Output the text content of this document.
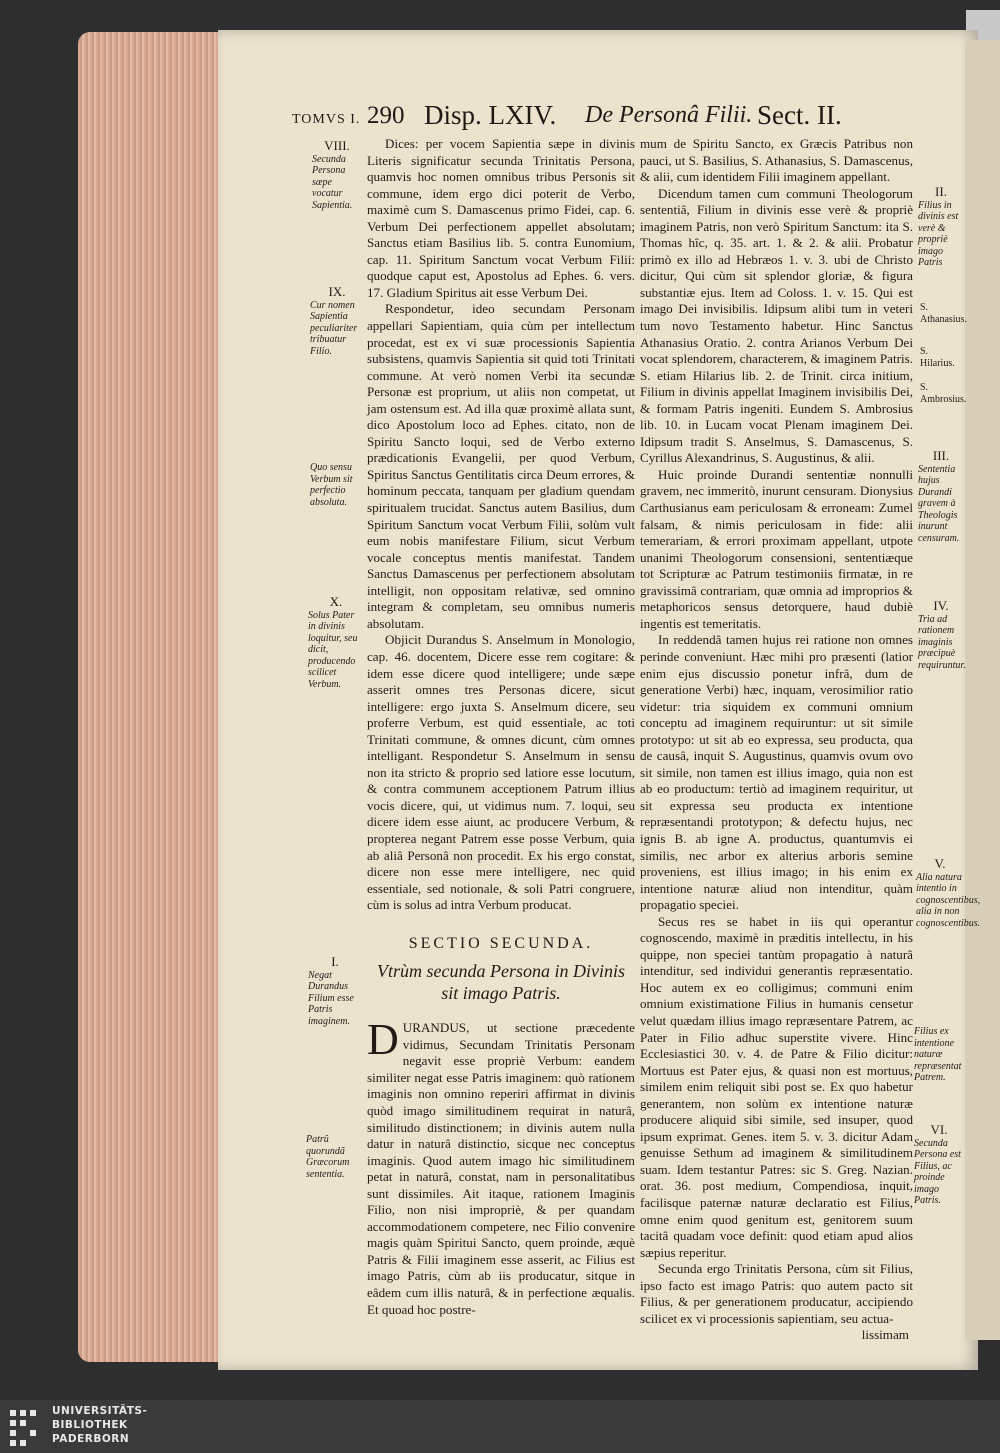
TOMVS I. 290 Disp. LXIV. De Personâ Filii. Sect. II.
VIII.
Secunda Persona sæpe vocatur Sapientia.
IX.
Cur nomen Sapientia peculiariter tribuatur Filio.
Quo sensu Verbum sit perfectio absoluta.
X.
Solus Pater in divinis loquitur, seu dicit, producendo scilicet Verbum.
I.
Negat Durandus Filium esse Patris imaginem.
Patrû quorundã Græcorum sententia.

Dices: per vocem Sapientia sæpe in divinis Literis significatur secunda Trinitatis Persona, quamvis hoc nomen omnibus tribus Personis sit commune, idem ergo dici poterit de Verbo, maximè cum S. Damascenus primo Fidei, cap. 6. Verbum Dei perfectionem appellet absolutam; Sanctus etiam Basilius lib. 5. contra Eunomium, cap. 11. Spiritum Sanctum vocat Verbum Filii: quodque caput est, Apostolus ad Ephes. 6. vers. 17. Gladium Spiritus ait esse Verbum Dei.

Respondetur, ideo secundam Personam appellari Sapientiam, quia cùm per intellectum procedat, est ex vi suæ processionis Sapientia subsistens, quamvis Sapientia sit quid toti Trinitati commune. At verò nomen Verbi ita secundæ Personæ est proprium, ut aliis non competat, ut jam ostensum est. Ad illa quæ proximè allata sunt, dico Apostolum loco ad Ephes. citato, non de Spiritu Sancto loqui, sed de Verbo externo prædicationis Evangelii, per quod Verbum, Spiritus Sanctus Gentilitatis circa Deum errores, & hominum peccata, tanquam per gladium quendam spiritualem trucidat. Sanctus autem Basilius, dum Spiritum Sanctum vocat Verbum Filii, solùm vult eum nobis manifestare Filium, sicut Verbum vocale conceptus mentis manifestat. Tandem Sanctus Damascenus per perfectionem absolutam intelligit, non oppositam relativæ, sed omnino integram & completam, seu omnibus numeris absolutam.

Objicit Durandus S. Anselmum in Monologio, cap. 46. docentem, Dicere esse rem cogitare: & idem esse dicere quod intelligere; unde sæpe asserit omnes tres Personas dicere, sicut intelligere: ergo juxta S. Anselmum dicere, seu proferre Verbum, est quid essentiale, ac toti Trinitati commune, & omnes dicunt, cùm omnes intelligant. Respondetur S. Anselmum in sensu non ita stricto & proprio sed latiore esse locutum, & contra communem acceptionem Patrum illius vocis dicere, qui, ut vidimus num. 7. loqui, seu dicere idem esse aiunt, ac producere Verbum, & propterea negant Patrem esse posse Verbum, quia ab aliâ Personâ non procedit. Ex his ergo constat, dicere non esse mere intelligere, nec quid essentiale, sed notionale, & soli Patri congruere, cùm is solus ad intra Verbum producat.

SECTIO SECUNDA.
Vtrùm secunda Persona in Divinis sit imago Patris.

DURANDUS, ut sectione præcedente vidimus, Secundam Trinitatis Personam negavit esse propriè Verbum: eandem similiter negat esse Patris imaginem: quò rationem imaginis non omnino reperiri affirmat in divinis quòd imago similitudinem requirat in naturâ, similitudo distinctionem; in divinis autem nulla datur in naturâ distinctio, sicque nec conceptus imaginis. Quod autem imago hic similitudinem petat in naturâ, constat, nam in personalitatibus sunt dissimiles. Ait itaque, rationem Imaginis Filio, non nisi impropriè, & per quandam accommodationem competere, nec Filio convenire magis quàm Spiritui Sancto, quem proinde, æquè Patris & Filii imaginem esse asserit, ac Filius est imago Patris, cùm ab iis producatur, sitque in eâdem cum illis naturâ, & in perfectione æqualis. Et quoad hoc postre-

mum de Spiritu Sancto, ex Græcis Patribus non pauci, ut S. Basilius, S. Athanasius, S. Damascenus, & alii, cum identidem Filii imaginem appellant.

Dicendum tamen cum communi Theologorum sententiâ, Filium in divinis esse verè & propriè imaginem Patris, non verò Spiritum Sanctum: ita S. Thomas hîc, q. 35. art. 1. & 2. & alii. Probatur primò ex illo ad Hebræos 1. v. 3. ubi de Christo dicitur, Qui cùm sit splendor gloriæ, & figura substantiæ ejus. Item ad Coloss. 1. v. 15. Qui est imago Dei invisibilis. Idipsum alibi tum in veteri tum novo Testamento habetur. Hinc Sanctus Athanasius Oratio. 2. contra Arianos Verbum Dei vocat splendorem, characterem, & imaginem Patris. S. etiam Hilarius lib. 2. de Trinit. circa initium, Filium in divinis appellat Imaginem invisibilis Dei, & formam Patris ingeniti. Eundem S. Ambrosius lib. 10. in Lucam vocat Plenam imaginem Dei. Idipsum tradit S. Anselmus, S. Damascenus, S. Cyrillus Alexandrinus, S. Augustinus, & alii.

Huic proinde Durandi sententiæ nonnulli gravem, nec immeritò, inurunt censuram. Dionysius Carthusianus eam periculosam & erroneam: Zumel falsam, & nimis periculosam in fide: alii temerariam, & errori proximam appellant, utpote unanimi Theologorum consensioni, sententiæque tot Scripturæ ac Patrum testimoniis firmatæ, in re gravissimâ contrariam, quæ omnia ad improprios & metaphoricos sensus detorquere, haud dubiè ingentis est temeritatis.

In reddendâ tamen hujus rei ratione non omnes perinde conveniunt. Hæc mihi pro præsenti (latior enim ejus discussio ponetur infrâ, dum de generatione Verbi) hæc, inquam, verosimilior ratio videtur: tria siquidem ex communi omnium conceptu ad imaginem requiruntur: ut sit simile prototypo: ut sit ab eo expressa, seu producta, qua de causâ, inquit S. Augustinus, quamvis ovum ovo sit simile, non tamen est illius imago, quia non est ab eo productum: tertiò ad imaginem requiritur, ut sit expressa seu producta ex intentione repræsentandi prototypon; & defectu hujus, nec ignis B. ab igne A. productus, quantumvis ei similis, nec arbor ex alterius arboris semine proveniens, est illius imago; in his enim ex intentione naturæ aliud non intenditur, quàm propagatio speciei.

Secus res se habet in iis qui operantur cognoscendo, maximè in præditis intellectu, in his quippe, non speciei tantùm propagatio à naturâ intenditur, sed individui generantis repræsentatio. Hoc autem ex eo colligimus; communi enim omnium existimatione Filius in humanis censetur velut quædam illius imago repræsentare Patrem, ac Pater in Filio adhuc superstite vivere. Hinc Ecclesiastici 30. v. 4. de Patre & Filio dicitur: Mortuus est Pater ejus, & quasi non est mortuus, similem enim reliquit sibi post se. Ex quo habetur generantem, non solùm ex intentione naturæ producere aliquid sibi simile, sed insuper, quod ipsum exprimat. Genes. item 5. v. 3. dicitur Adam genuisse Sethum ad imaginem & similitudinem suam. Idem testantur Patres: sic S. Greg. Nazian. orat. 36. post medium, Compendiosa, inquit, facilisque paternæ naturæ declaratio est Filius, omne enim quod genitum est, genitorem suum tacitâ quadam voce definit: quod etiam apud alios sæpius reperitur.

Secunda ergo Trinitatis Persona, cùm sit Filius, ipso facto est imago Patris: quo autem pacto sit Filius, & per generationem producatur, accipiendo scilicet ex vi processionis sapientiam, seu actua-

lissimam
II.
Filius in divinis est verè & propriè imago Patris
S. Athanasius.
S. Hilarius.
S. Ambrosius.
III.
Sententia hujus Durandi gravem à Theologis inurunt censuram.
IV.
Tria ad rationem imaginis præcipuè requiruntur.
V.
Alia natura intentio in cognoscentibus, alia in non cognoscentibus.
Filius ex intentione naturæ repræsentat Patrem.
VI.
Secunda Persona est Filius, ac proinde imago Patris.
UNIVERSITÄTS-
BIBLIOTHEK
PADERBORN
